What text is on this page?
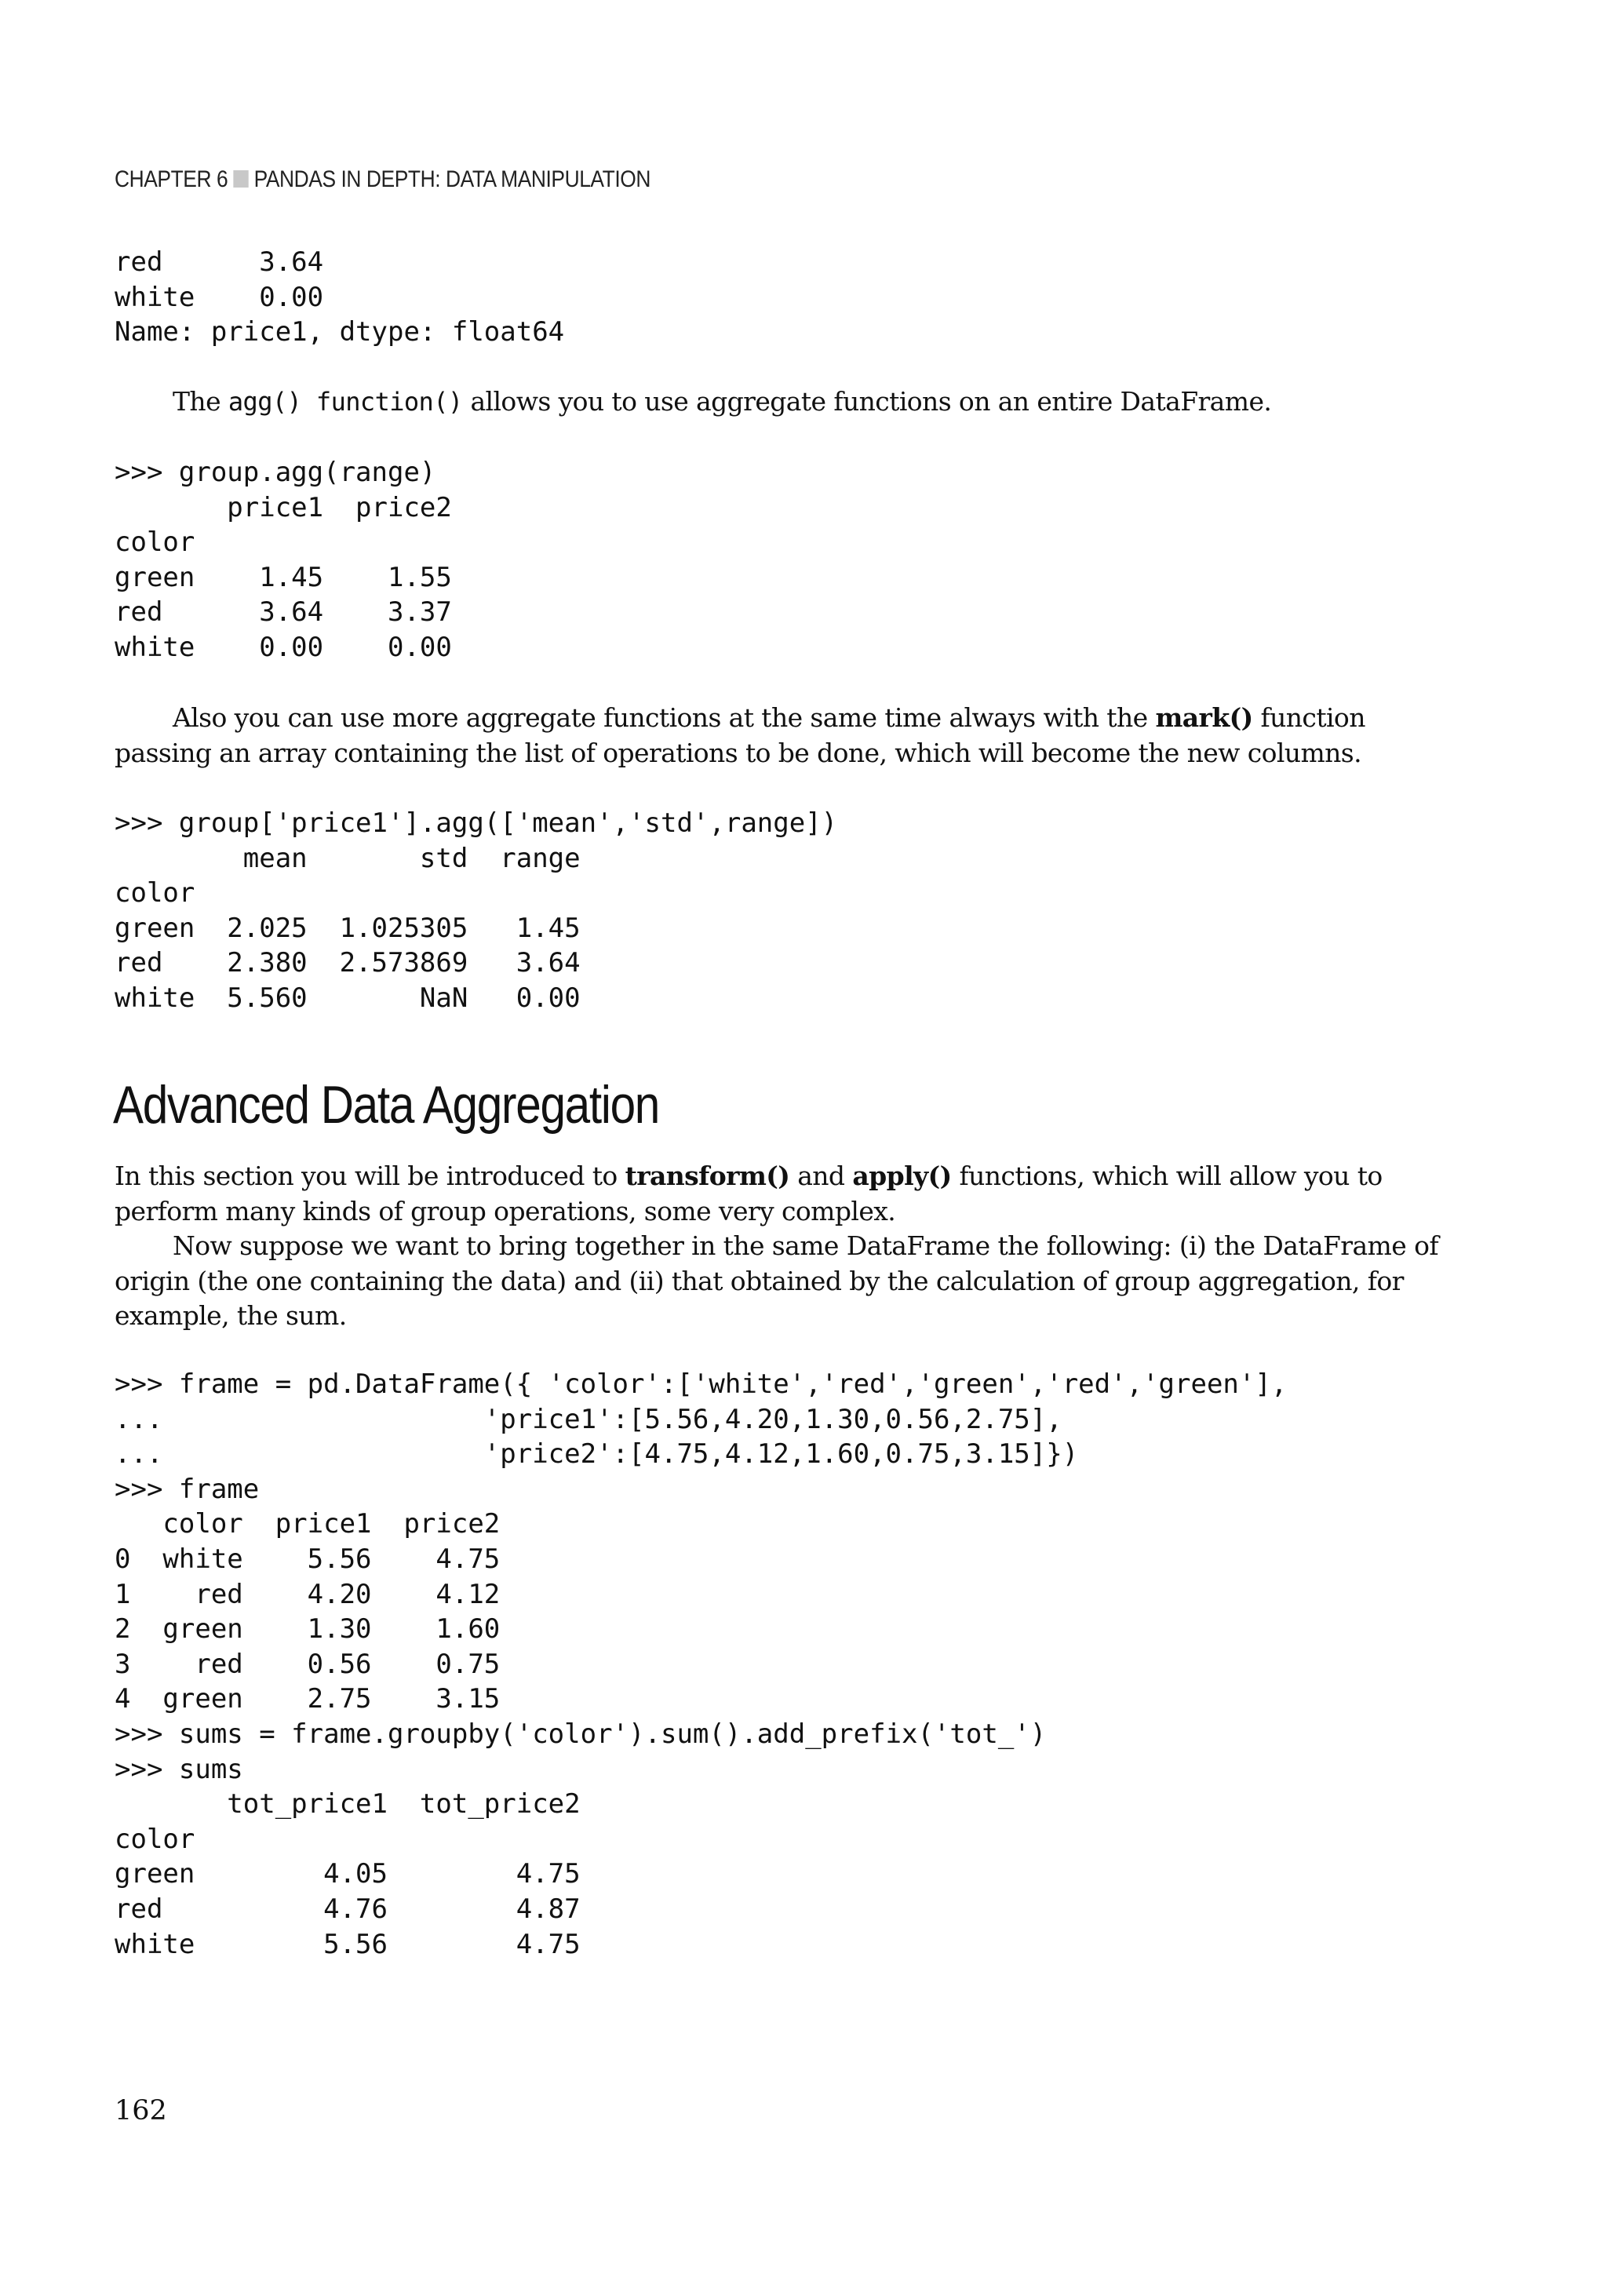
CHAPTER 6 PANDAS IN DEPTH: DATA MANIPULATION
red      3.64
white    0.00
Name: price1, dtype: float64

The agg() function() allows you to use aggregate functions on an entire DataFrame.

>>> group.agg(range)
price1  price2
color
green    1.45    1.55
red      3.64    3.37
white    0.00    0.00

Also you can use more aggregate functions at the same time always with the mark() function passing an array containing the list of operations to be done, which will become the new columns.

>>> group['price1'].agg(['mean','std',range])
mean       std  range
color
green  2.025  1.025305   1.45
red    2.380  2.573869   3.64
white  5.560       NaN   0.00
Advanced Data Aggregation

In this section you will be introduced to transform() and apply() functions, which will allow you to perform many kinds of group operations, some very complex.

Now suppose we want to bring together in the same DataFrame the following: (i) the DataFrame of origin (the one containing the data) and (ii) that obtained by the calculation of group aggregation, for example, the sum.

>>> frame = pd.DataFrame({ 'color':['white','red','green','red','green'],
...                    'price1':[5.56,4.20,1.30,0.56,2.75],
...                    'price2':[4.75,4.12,1.60,0.75,3.15]})
>>> frame
color  price1  price2
0  white    5.56    4.75
1    red    4.20    4.12
2  green    1.30    1.60
3    red    0.56    0.75
4  green    2.75    3.15
>>> sums = frame.groupby('color').sum().add_prefix('tot_')
>>> sums
tot_price1  tot_price2
color
green        4.05        4.75
red          4.76        4.87
white        5.56        4.75
162
